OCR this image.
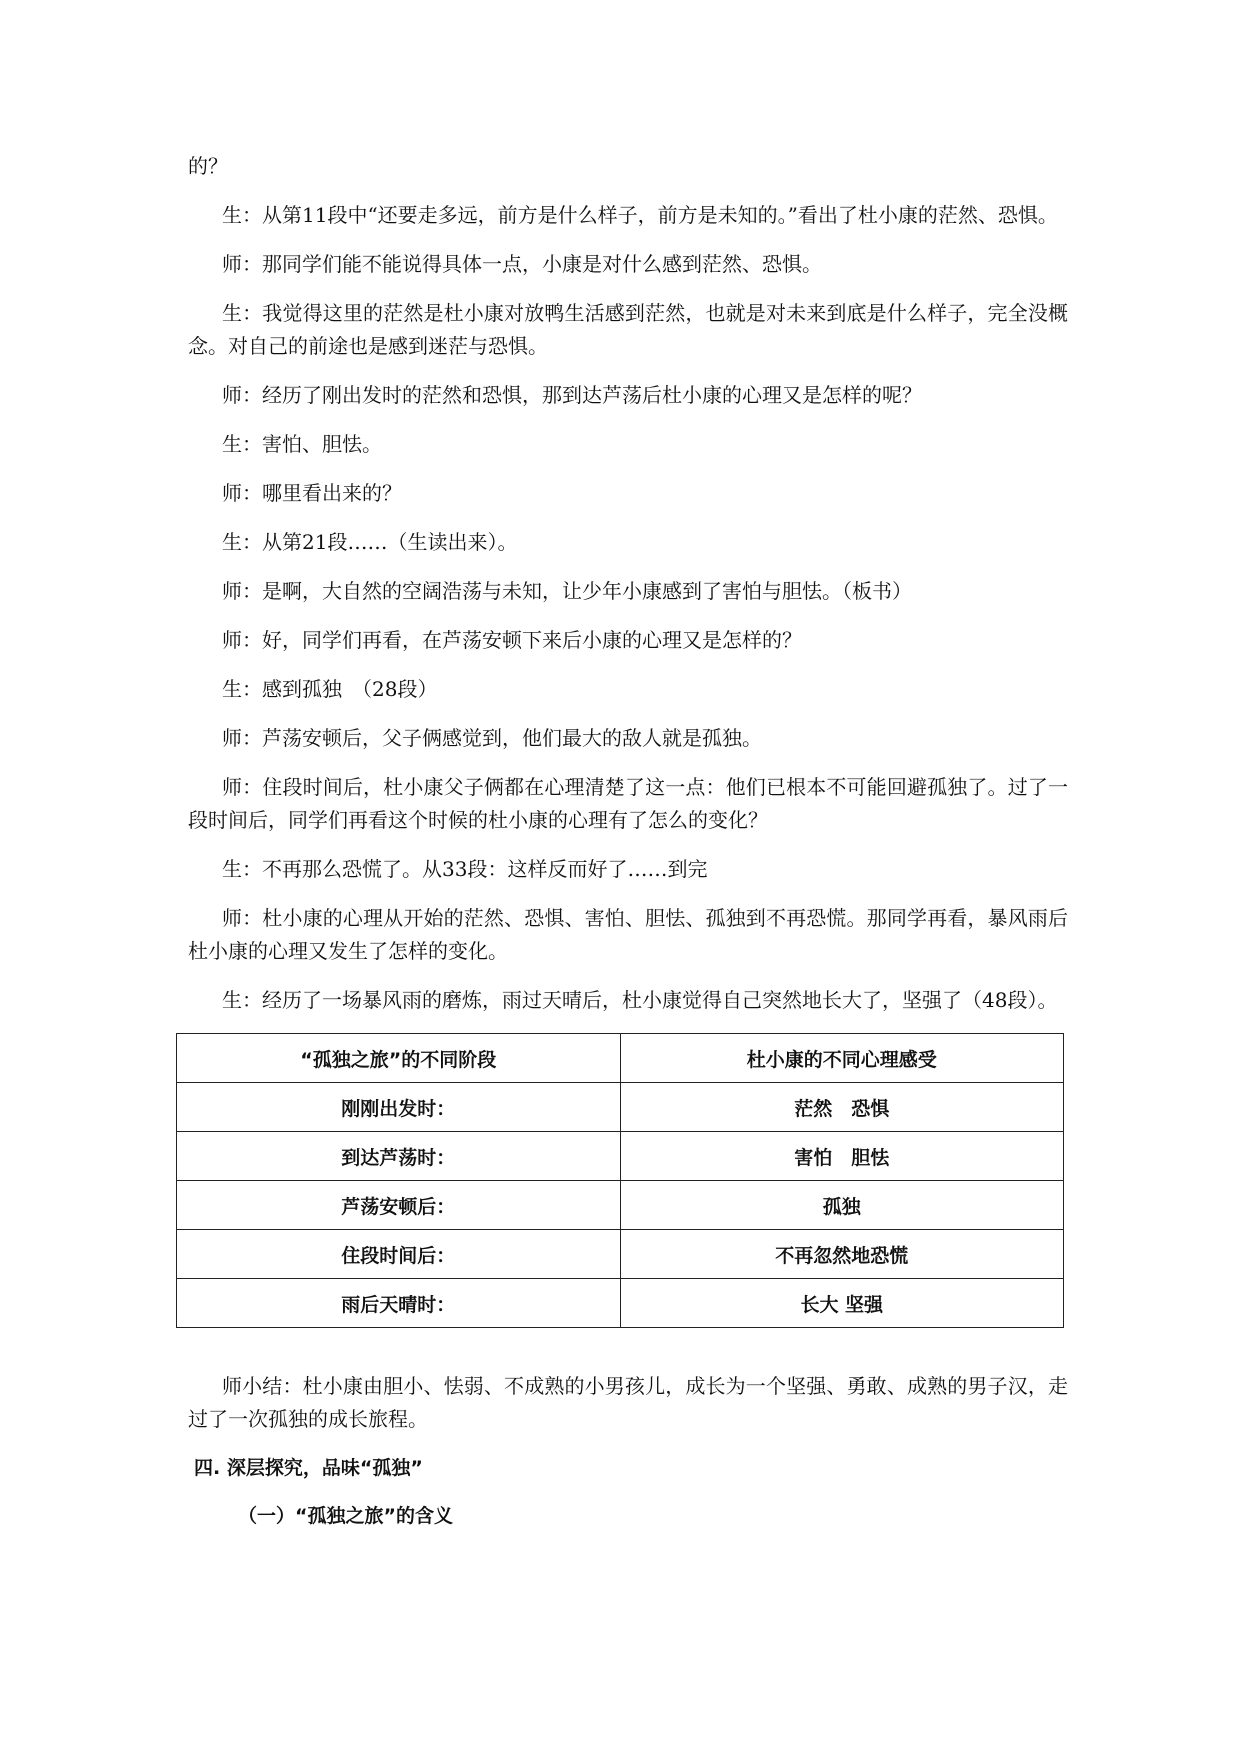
的？

生：从第11段中“还要走多远，前方是什么样子，前方是未知的。”看出了杜小康的茫然、恐惧。

师：那同学们能不能说得具体一点，小康是对什么感到茫然、恐惧。

生：我觉得这里的茫然是杜小康对放鸭生活感到茫然，也就是对未来到底是什么样子，完全没概念。对自己的前途也是感到迷茫与恐惧。

师：经历了刚出发时的茫然和恐惧，那到达芦荡后杜小康的心理又是怎样的呢？

生：害怕、胆怯。

师：哪里看出来的？

生：从第21段……（生读出来）。

师：是啊，大自然的空阔浩荡与未知，让少年小康感到了害怕与胆怯。（板书）

师：好，同学们再看，在芦荡安顿下来后小康的心理又是怎样的？

生：感到孤独　（28段）

师：芦荡安顿后，父子俩感觉到，他们最大的敌人就是孤独。

师：住段时间后，杜小康父子俩都在心理清楚了这一点：他们已根本不可能回避孤独了。过了一段时间后，同学们再看这个时候的杜小康的心理有了怎么的变化？

生：不再那么恐慌了。从33段：这样反而好了……到完

师：杜小康的心理从开始的茫然、恐惧、害怕、胆怯、孤独到不再恐慌。那同学再看，暴风雨后杜小康的心理又发生了怎样的变化。

生：经历了一场暴风雨的磨炼，雨过天晴后，杜小康觉得自己突然地长大了，坚强了（48段）。

“孤独之旅”的不同阶段	杜小康的不同心理感受
刚刚出发时：	茫然　恐惧
到达芦荡时：	害怕　胆怯
芦荡安顿后：	孤独
住段时间后：	不再忽然地恐慌
雨后天晴时：	长大 坚强

师小结：杜小康由胆小、怯弱、不成熟的小男孩儿，成长为一个坚强、勇敢、成熟的男子汉，走过了一次孤独的成长旅程。

四. 深层探究，品味“孤独”
（一）“孤独之旅”的含义
